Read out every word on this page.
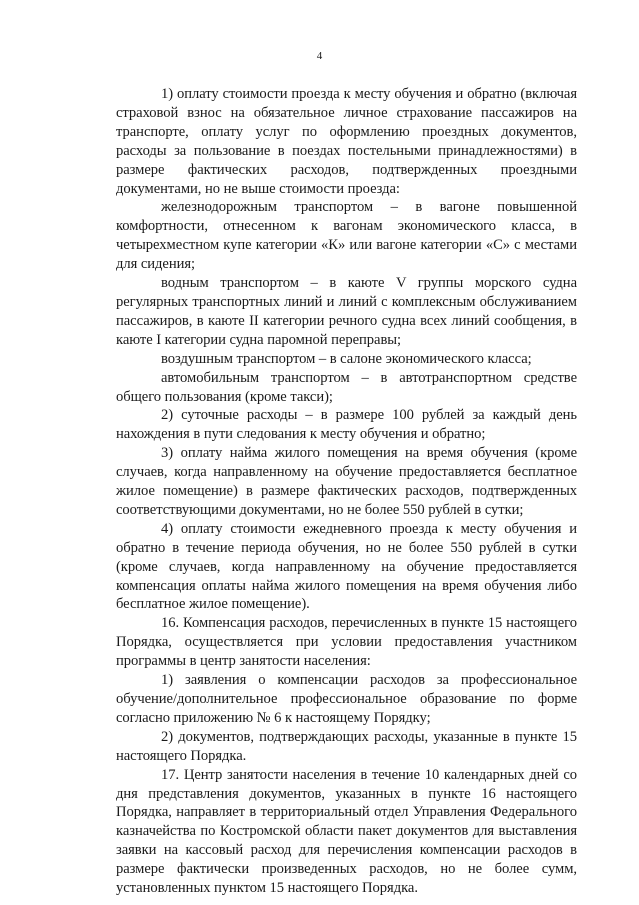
4

1) оплату стоимости проезда к месту обучения и обратно (включая страховой взнос на обязательное личное страхование пассажиров на транспорте, оплату услуг по оформлению проездных документов, расходы за пользование в поездах постельными принадлежностями) в размере фактических расходов, подтвержденных проездными документами, но не выше стоимости проезда:

железнодорожным транспортом – в вагоне повышенной комфортности, отнесенном к вагонам экономического класса, в четырехместном купе категории «К» или вагоне категории «С» с местами для сидения;

водным транспортом – в каюте V группы морского судна регулярных транспортных линий и линий с комплексным обслуживанием пассажиров, в каюте II категории речного судна всех линий сообщения, в каюте I категории судна паромной переправы;

воздушным транспортом – в салоне экономического класса;

автомобильным транспортом – в автотранспортном средстве общего пользования (кроме такси);

2) суточные расходы – в размере 100 рублей за каждый день нахождения в пути следования к месту обучения и обратно;

3) оплату найма жилого помещения на время обучения (кроме случаев, когда направленному на обучение предоставляется бесплатное жилое помещение) в размере фактических расходов, подтвержденных соответствующими документами, но не более 550 рублей в сутки;

4) оплату стоимости ежедневного проезда к месту обучения и обратно в течение периода обучения, но не более 550 рублей в сутки (кроме случаев, когда направленному на обучение предоставляется компенсация оплаты найма жилого помещения на время обучения либо бесплатное жилое помещение).

16. Компенсация расходов, перечисленных в пункте 15 настоящего Порядка, осуществляется при условии предоставления участником программы в центр занятости населения:

1) заявления о компенсации расходов за профессиональное обучение/дополнительное профессиональное образование по форме согласно приложению № 6 к настоящему Порядку;

2) документов, подтверждающих расходы, указанные в пункте 15 настоящего Порядка.

17. Центр занятости населения в течение 10 календарных дней со дня представления документов, указанных в пункте 16 настоящего Порядка, направляет в территориальный отдел Управления Федерального казначейства по Костромской области пакет документов для выставления заявки на кассовый расход для перечисления компенсации расходов в размере фактически произведенных расходов, но не более сумм, установленных пунктом 15 настоящего Порядка.
